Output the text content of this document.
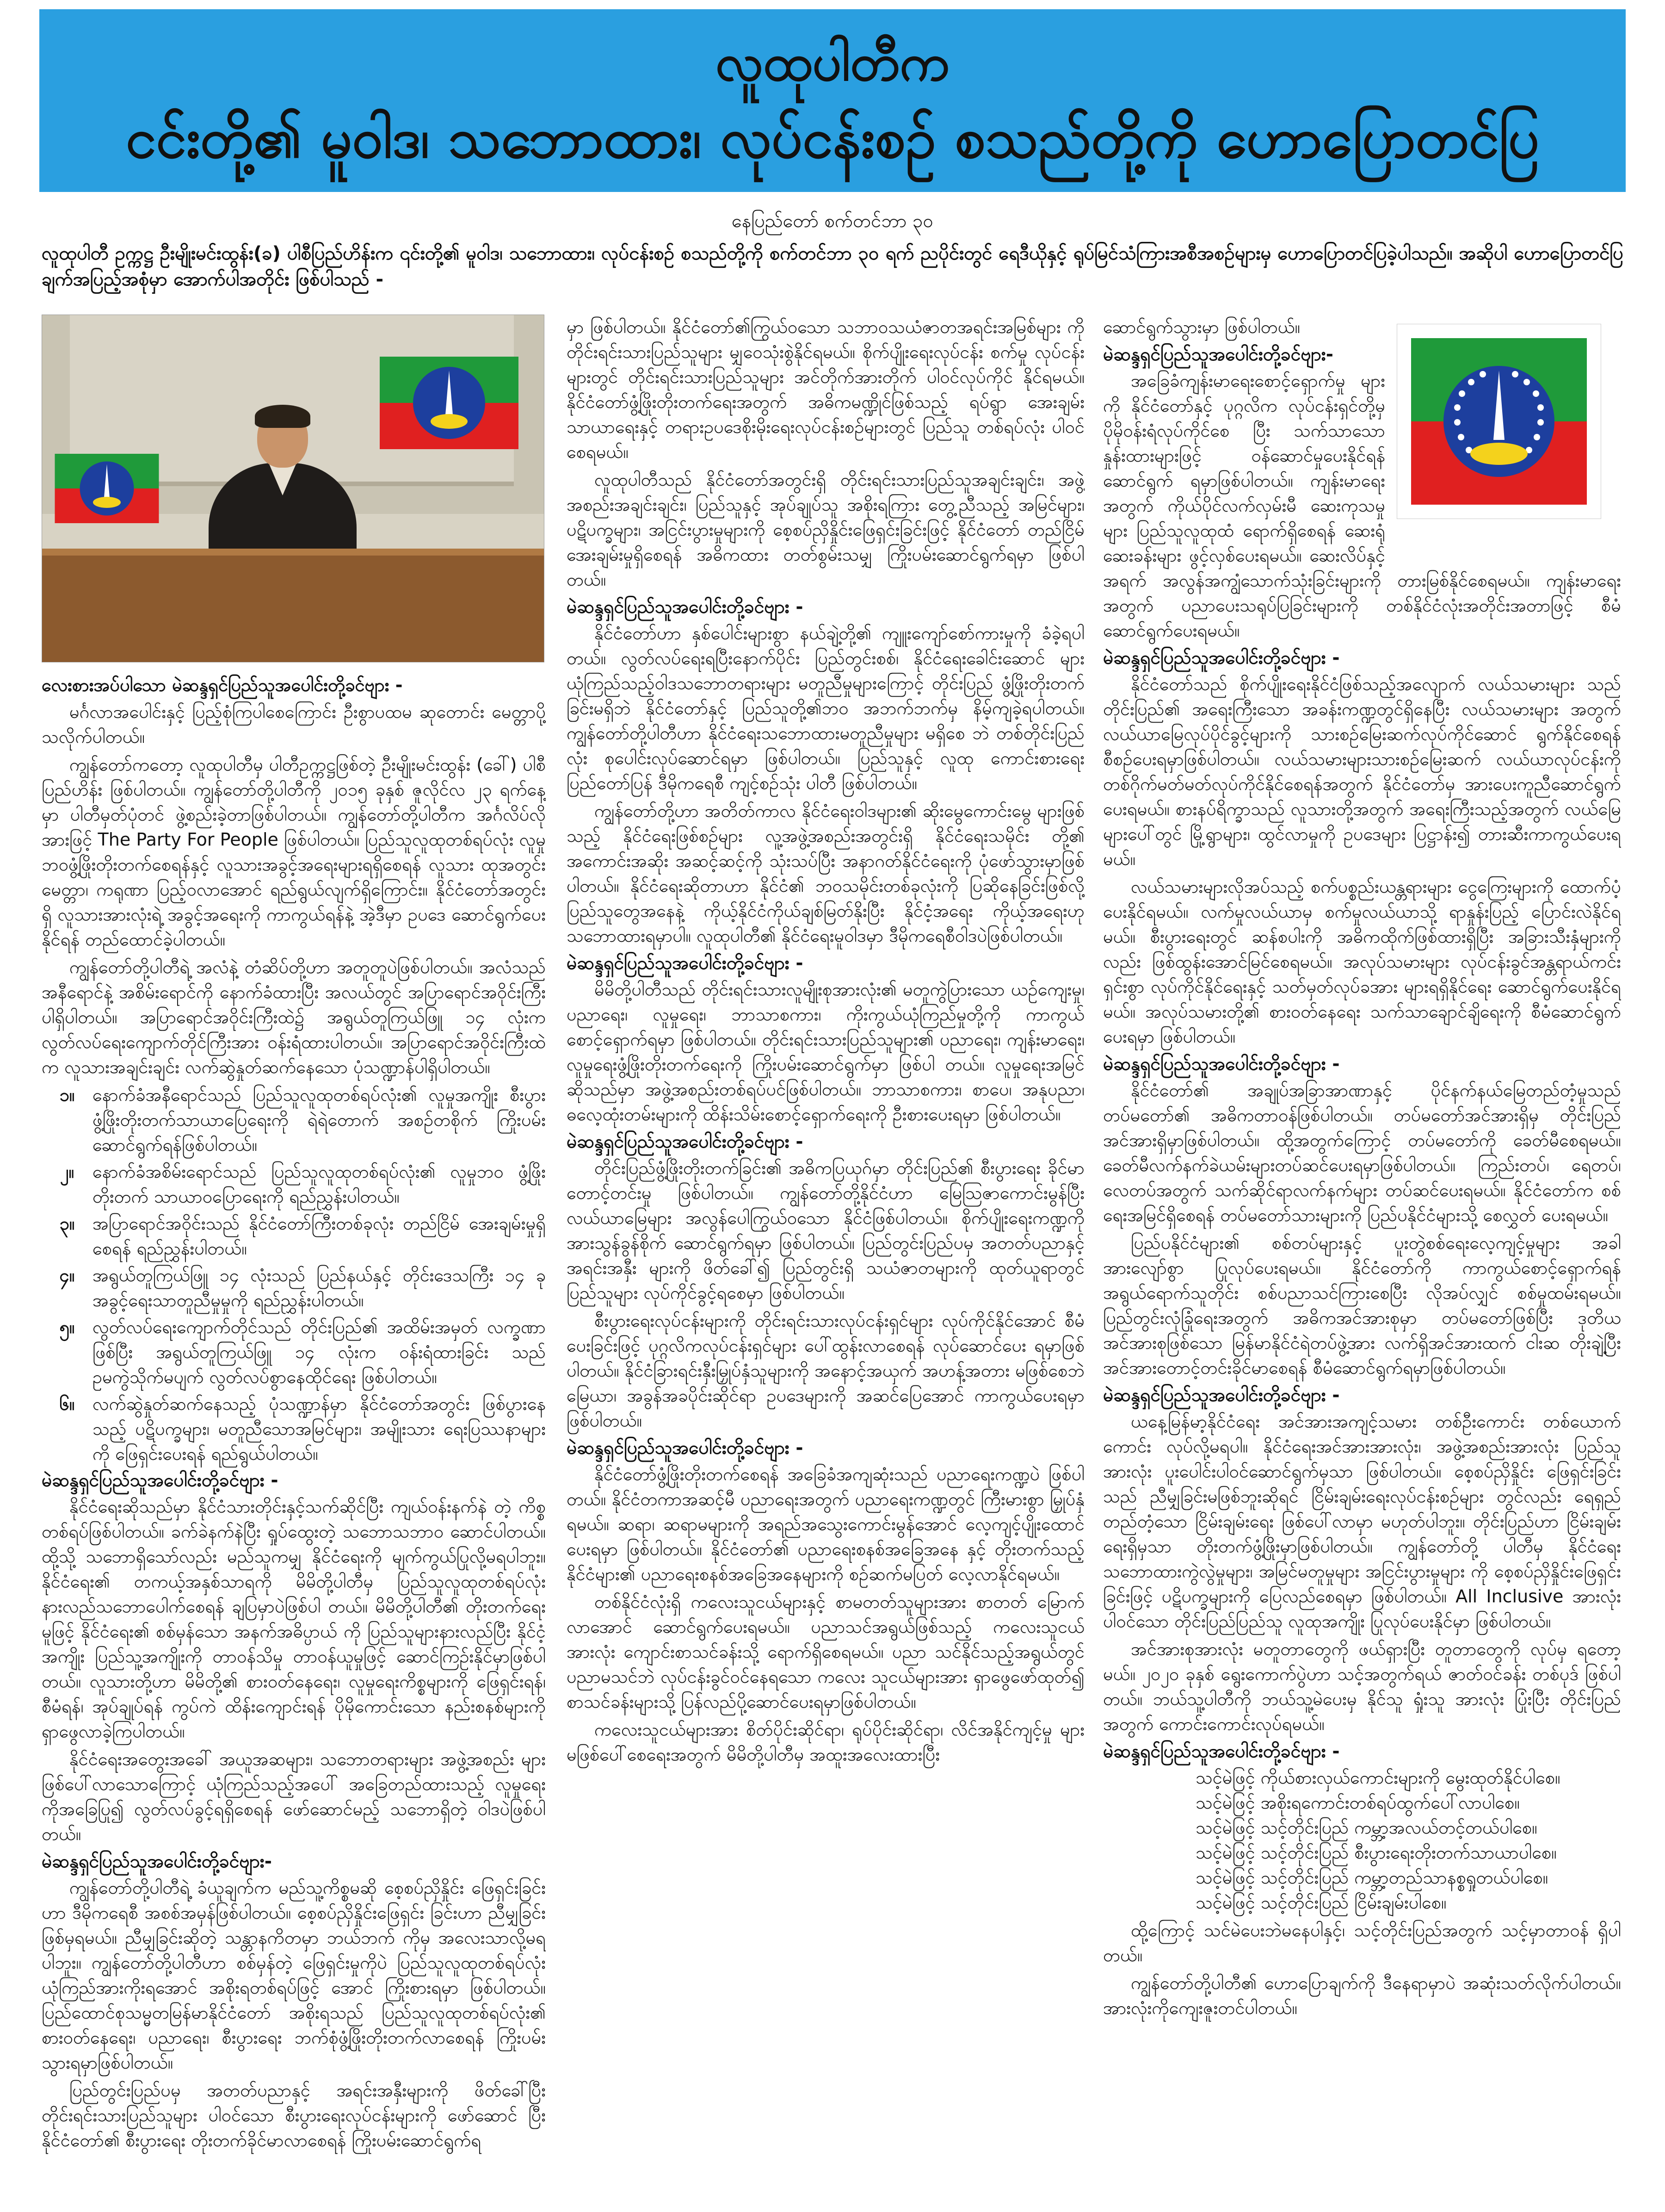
လူထုပါတီက
ငင်းတို့၏ မူဝါဒ၊ သဘောထား၊ လုပ်ငန်းစဉ် စသည်တို့ကို ဟောပြောတင်ပြ
နေပြည်တော် စက်တင်ဘာ ၃၀
လူထုပါတီ ဥက္ကဋ္ဌ ဦးမျိုးမင်းထွန်း(ခ) ပါစီပြည်ဟိန်းက ၎င်းတို့၏ မူဝါဒ၊ သဘောထား၊ လုပ်ငန်းစဉ် စသည်တို့ကို စက်တင်ဘာ ၃၀ ရက် ညပိုင်းတွင် ရေဒီယိုနှင့် ရုပ်မြင်သံကြားအစီအစဉ်များမှ ဟောပြောတင်ပြခဲ့ပါသည်။ အဆိုပါ ဟောပြောတင်ပြချက်အပြည့်အစုံမှာ အောက်ပါအတိုင်း ဖြစ်ပါသည် -
လေးစားအပ်ပါသော မဲဆန္ဒရှင်ပြည်သူအပေါင်းတို့ခင်ဗျား -

မင်္ဂလာအပေါင်းနှင့် ပြည့်စုံကြပါစေကြောင်း ဦးစွာပထမ ဆုတောင်း မေတ္တာပို့သလိုက်ပါတယ်။

ကျွန်တော်ကတော့ လူထုပါတီမှ ပါတီဥက္ကဋ္ဌဖြစ်တဲ့ ဦးမျိုးမင်းထွန်း (ခေါ်) ပါစီပြည်ဟိန်း ဖြစ်ပါတယ်။ ကျွန်တော်တို့ပါတီကို ၂၀၁၅ ခုနှစ် ဇူလိုင်လ ၂၃ ရက်နေ့မှာ ပါတီမှတ်ပုံတင် ဖွဲ့စည်းခဲ့တာဖြစ်ပါတယ်။ ကျွန်တော်တို့ပါတီက အင်္ဂလိပ်လို အားဖြင့် The Party For People ဖြစ်ပါတယ်။ ပြည်သူလူထုတစ်ရပ်လုံး လူမှုဘဝဖွံ့ဖြိုးတိုးတက်စေရန်နှင့် လူသားအခွင့်အရေးများရရှိစေရန် လူသား ထုအတွင်း မေတ္တာ၊ ကရုဏာ ပြည့်ဝလာအောင် ရည်ရွယ်လျက်ရှိကြောင်း။ နိုင်ငံတော်အတွင်းရှိ လူသားအားလုံးရဲ့ အခွင့်အရေးကို ကာကွယ်ရန်နဲ့ အဲ့ဒီမှာ ဥပဒေ ဆောင်ရွက်ပေးနိုင်ရန် တည်ထောင်ခဲ့ပါတယ်။

ကျွန်တော်တို့ပါတီရဲ့ အလံနဲ့ တံဆိပ်တို့ဟာ အတူတူပဲဖြစ်ပါတယ်။ အလံသည် အနီရောင်နဲ့ အစိမ်းရောင်ကို နောက်ခံထားပြီး အလယ်တွင် အပြာရောင်အဝိုင်းကြီးပါရှိပါတယ်။ အပြာရောင်အဝိုင်းကြီးထဲ၌ အရွယ်တူကြယ်ဖြူ ၁၄ လုံးက လွတ်လပ်ရေးကျောက်တိုင်ကြီးအား ဝန်းရံထားပါတယ်။ အပြာရောင်အဝိုင်းကြီးထဲက လူသားအချင်းချင်း လက်ဆွဲနှုတ်ဆက်နေသော ပုံသဏ္ဍာန်ပါရှိပါတယ်။

၁။	နောက်ခံအနီရောင်သည် ပြည်သူလူထုတစ်ရပ်လုံး၏ လူမှုအကျိုး စီးပွားဖွံ့ဖြိုးတိုးတက်သာယာပြေရေးကို ရဲရဲတောက် အစဉ်တစိုက် ကြိုးပမ်းဆောင်ရွက်ရန်ဖြစ်ပါတယ်။
၂။	နောက်ခံအစိမ်းရောင်သည် ပြည်သူလူထုတစ်ရပ်လုံး၏ လူမှုဘဝ ဖွံ့ဖြိုးတိုးတက် သာယာဝပြောရေးကို ရည်ညွှန်းပါတယ်။
၃။	အပြာရောင်အဝိုင်းသည် နိုင်ငံတော်ကြီးတစ်ခုလုံး တည်ငြိမ် အေးချမ်းမှုရှိစေရန် ရည်ညွှန်းပါတယ်။
၄။	အရွယ်တူကြယ်ဖြူ ၁၄ လုံးသည် ပြည်နယ်နှင့် တိုင်းဒေသကြီး ၁၄ ခု အခွင့်ရေးသာတူညီမှုမှုကို ရည်ညွှန်းပါတယ်။
၅။	လွတ်လပ်ရေးကျောက်တိုင်သည် တိုင်းပြည်၏ အထိမ်းအမှတ် လက္ခဏာဖြစ်ပြီး အရွယ်တူကြယ်ဖြူ ၁၄ လုံးက ဝန်းရံထားခြင်း သည် ဥမကွဲသိုက်မပျက် လွတ်လပ်စွာနေထိုင်ရေး ဖြစ်ပါတယ်။
၆။	လက်ဆွဲနှုတ်ဆက်နေသည့် ပုံသဏ္ဍာန်မှာ နိုင်ငံတော်အတွင်း ဖြစ်ပွားနေသည့် ပဋိပက္ခများ၊ မတူညီသောအမြင်များ၊ အမျိုးသား ရေးပြဿနာများကို ဖြေရှင်းပေးရန် ရည်ရွယ်ပါတယ်။
မဲဆန္ဒရှင်ပြည်သူအပေါင်းတို့ခင်ဗျား -

နိုင်ငံရေးဆိုသည်မှာ နိုင်ငံသားတိုင်းနှင့်သက်ဆိုင်ပြီး ကျယ်ဝန်းနက်နဲ တဲ့ ကိစ္စတစ်ရပ်ဖြစ်ပါတယ်။ ခက်ခဲနက်နဲပြီး ရှုပ်ထွေးတဲ့ သဘောသဘာဝ ဆောင်ပါတယ်။ ထို့သို့ သဘောရှိသော်လည်း မည်သူကမျှ နိုင်ငံရေးကို မျက်ကွယ်ပြုလို့မရပါဘူး။ နိုင်ငံရေး၏ တကယ့်အနှစ်သာရကို မိမိတို့ပါတီမှ ပြည်သူလူထုတစ်ရပ်လုံး နားလည်သဘောပေါက်စေရန် ချပြမှာပဲဖြစ်ပါ တယ်။ မိမိတို့ပါတီ၏ တိုးတက်ရေးမူဖြင့် နိုင်ငံရေး၏ စစ်မှန်သော အနက်အဓိပ္ပာယ် ကို ပြည်သူများနားလည်ပြီး နိုင်ငံ့အကျိုး ပြည်သူ့အကျိုးကို တာဝန်သိမှု တာဝန်ယူမှုဖြင့် ဆောင်ကြဉ်းနိုင်မှာဖြစ်ပါတယ်။ လူသားတို့ဟာ မိမိတို့၏ စားဝတ်နေရေး၊ လူမှုရေးကိစ္စများကို ဖြေရှင်းရန်၊ စီမံရန်၊ အုပ်ချုပ်ရန် ကွပ်ကဲ ထိန်းကျောင်းရန် ပိုမိုကောင်းသော နည်းစနစ်များကို ရှာဖွေလာခဲ့ကြပါတယ်။

နိုင်ငံရေးအတွေးအခေါ် အယူအဆများ၊ သဘောတရားများ အဖွဲ့အစည်း များ ဖြစ်ပေါ်လာသောကြောင့် ယုံကြည်သည့်အပေါ် အခြေတည်ထားသည့် လူမှုရေးကိုအခြေပြု၍ လွတ်လပ်ခွင့်ရရှိစေရန် ဖော်ဆောင်မည့် သဘောရှိတဲ့ ဝါဒပဲဖြစ်ပါတယ်။

မဲဆန္ဒရှင်ပြည်သူအပေါင်းတို့ခင်ဗျား-

ကျွန်တော်တို့ပါတီရဲ့ ခံယူချက်က မည်သူ့ကိစ္စမဆို စေ့စပ်ညှိနှိုင်း ဖြေရှင်းခြင်းဟာ ဒီမိုကရေစီ အစစ်အမှန်ဖြစ်ပါတယ်။ စေ့စပ်ညှိနှိုင်းဖြေရှင်း ခြင်းဟာ ညီမျှခြင်းဖြစ်မှရမယ်။ ညီမျှခြင်းဆိုတဲ့ သန္တာနကိတမှာ ဘယ်ဘက် ကိုမှ အလေးသာလို့မရပါဘူး။ ကျွန်တော်တို့ပါတီဟာ စစ်မှန်တဲ့ ဖြေရှင်းမှုကိုပဲ ပြည်သူလူထုတစ်ရပ်လုံး ယုံကြည်အားကိုးရအောင် အစိုးရတစ်ရပ်ဖြင့် အောင် ကြိုးစားရမှာ ဖြစ်ပါတယ်။ ပြည်ထောင်စုသမ္မတမြန်မာနိုင်ငံတော် အစိုးရသည် ပြည်သူလူထုတစ်ရပ်လုံး၏ စားဝတ်နေရေး၊ ပညာရေး၊ စီးပွားရေး ဘက်စုံဖွံ့ဖြိုးတိုးတက်လာစေရန် ကြိုးပမ်းသွားရမှာဖြစ်ပါတယ်။

ပြည်တွင်းပြည်ပမှ အတတ်ပညာနှင့် အရင်းအနှီးများကို ဖိတ်ခေါ်ပြီး တိုင်းရင်းသားပြည်သူများ ပါဝင်သော စီးပွားရေးလုပ်ငန်းများကို ဖော်ဆောင် ပြီး နိုင်ငံတော်၏ စီးပွားရေး တိုးတက်ခိုင်မာလာစေရန် ကြိုးပမ်းဆောင်ရွက်ရ

မှာ ဖြစ်ပါတယ်။ နိုင်ငံတော်၏ကြွယ်ဝသော သဘာဝသယံဇာတအရင်းအမြစ်များ ကို တိုင်းရင်းသားပြည်သူများ မျှဝေသုံးစွဲနိုင်ရမယ်။ စိုက်ပျိုးရေးလုပ်ငန်း စက်မှု လုပ်ငန်းများတွင် တိုင်းရင်းသားပြည်သူများ အင်တိုက်အားတိုက် ပါဝင်လုပ်ကိုင် နိုင်ရမယ်။ နိုင်ငံတော်ဖွံ့ဖြိုးတိုးတက်ရေးအတွက် အဓိကမဏ္ဍိုင်ဖြစ်သည့် ရပ်ရွာ အေးချမ်းသာယာရေးနှင့် တရားဥပဒေစိုးမိုးရေးလုပ်ငန်းစဉ်များတွင် ပြည်သူ တစ်ရပ်လုံး ပါဝင်စေရမယ်။

လူထုပါတီသည် နိုင်ငံတော်အတွင်းရှိ တိုင်းရင်းသားပြည်သူအချင်းချင်း၊ အဖွဲ့အစည်းအချင်းချင်း၊ ပြည်သူနှင့် အုပ်ချုပ်သူ အစိုးရကြား တွေ့ညီသည့် အမြင်များ၊ ပဋိပက္ခများ၊ အငြင်းပွားမှုများကို စေ့စပ်ညှိနှိုင်းဖြေရှင်းခြင်းဖြင့် နိုင်ငံတော် တည်ငြိမ်အေးချမ်းမှုရှိစေရန် အဓိကထား တတ်စွမ်းသမျှ ကြိုးပမ်းဆောင်ရွက်ရမှာ ဖြစ်ပါတယ်။

မဲဆန္ဒရှင်ပြည်သူအပေါင်းတို့ခင်ဗျား -

နိုင်ငံတော်ဟာ နှစ်ပေါင်းများစွာ နယ်ချဲ့တို့၏ ကျူးကျော်စော်ကားမှုကို ခံခဲ့ရပါတယ်။ လွတ်လပ်ရေးရပြီးနောက်ပိုင်း ပြည်တွင်းစစ်၊ နိုင်ငံရေးခေါင်းဆောင် များ ယုံကြည်သည့်ဝါဒသဘောတရားများ မတူညီမှုများကြောင့် တိုင်းပြည် ဖွံ့ဖြိုးတိုးတက်ခြင်းမရှိဘဲ နိုင်ငံတော်နှင့် ပြည်သူတို့၏ဘဝ အဘက်ဘက်မှ နိမ့်ကျခဲ့ရပါတယ်။ ကျွန်တော်တို့ပါတီဟာ နိုင်ငံရေးသဘောထားမတူညီမှုများ မရှိစေ ဘဲ တစ်တိုင်းပြည်လုံး စုပေါင်းလုပ်ဆောင်ရမှာ ဖြစ်ပါတယ်။ ပြည်သူနှင့် လူထု ကောင်းစားရေး ပြည်တော်ပြန် ဒီမိုကရေစီ ကျင့်စဉ်သုံး ပါတီ ဖြစ်ပါတယ်။

ကျွန်တော်တို့ဟာ အတိတ်ကာလ နိုင်ငံရေးဝါဒများ၏ ဆိုးမွေကောင်းမွေ များဖြစ်သည့် နိုင်ငံရေးဖြစ်စဉ်များ လူ့အဖွဲ့အစည်းအတွင်းရှိ နိုင်ငံရေးသမိုင်း တို့၏ အကောင်းအဆိုး အဆင့်ဆင့်ကို သုံးသပ်ပြီး အနာဂတ်နိုင်ငံရေးကို ပုံဖော်သွားမှာဖြစ်ပါတယ်။ နိုင်ငံရေးဆိုတာဟာ နိုင်ငံ၏ ဘဝသမိုင်းတစ်ခုလုံးကို ပြဆိုနေခြင်းဖြစ်လို့ ပြည်သူတွေအနေနဲ့ ကိုယ့်နိုင်ငံကိုယ်ချစ်မြတ်နိုးပြီး နိုင်ငံ့အရေး ကိုယ့်အရေးဟု သဘောထားရမှာပါ။ လူထုပါတီ၏ နိုင်ငံရေးမူဝါဒမှာ ဒီမိုကရေစီဝါဒပဲဖြစ်ပါတယ်။

မဲဆန္ဒရှင်ပြည်သူအပေါင်းတို့ခင်ဗျား -

မိမိတို့ပါတီသည် တိုင်းရင်းသားလူမျိုးစုအားလုံး၏ မတူကွဲပြားသော ယဉ်ကျေးမှု၊ ပညာရေး၊ လူမှုရေး၊ ဘာသာစကား၊ ကိုးကွယ်ယုံကြည်မှုတို့ကို ကာကွယ်စောင့်ရှောက်ရမှာ ဖြစ်ပါတယ်။ တိုင်းရင်းသားပြည်သူများ၏ ပညာရေး၊ ကျန်းမာရေး၊ လူမှုရေးဖွံ့ဖြိုးတိုးတက်ရေးကို ကြိုးပမ်းဆောင်ရွက်မှာ ဖြစ်ပါ တယ်။ လူမှုရေးအမြင်ဆိုသည်မှာ အဖွဲ့အစည်းတစ်ရပ်ပင်ဖြစ်ပါတယ်။ ဘာသာစကား၊ စာပေ၊ အနုပညာ၊ ဓလေ့ထုံးတမ်းများကို ထိန်းသိမ်းစောင့်ရှောက်ရေးကို ဦးစားပေးရမှာ ဖြစ်ပါတယ်။

မဲဆန္ဒရှင်ပြည်သူအပေါင်းတို့ခင်ဗျား -

တိုင်းပြည်ဖွံ့ဖြိုးတိုးတက်ခြင်း၏ အဓိကပြယုဂ်မှာ တိုင်းပြည်၏ စီးပွားရေး ခိုင်မာတောင့်တင်းမှု ဖြစ်ပါတယ်။ ကျွန်တော်တို့နိုင်ငံဟာ မြေသြဇာကောင်းမွန်ပြီး လယ်ယာမြေများ အလွန်ပေါကြွယ်ဝသော နိုင်ငံဖြစ်ပါတယ်။ စိုက်ပျိုးရေးကဏ္ဍကို အားသွန်ခွန်စိုက် ဆောင်ရွက်ရမှာ ဖြစ်ပါတယ်။ ပြည်တွင်းပြည်ပမှ အတတ်ပညာနှင့် အရင်းအနှီး များကို ဖိတ်ခေါ်၍ ပြည်တွင်းရှိ သယံဇာတများကို ထုတ်ယူရာတွင် ပြည်သူများ လုပ်ကိုင်ခွင့်ရစေမှာ ဖြစ်ပါတယ်။

စီးပွားရေးလုပ်ငန်းများကို တိုင်းရင်းသားလုပ်ငန်းရှင်များ လုပ်ကိုင်နိုင်အောင် စီမံပေးခြင်းဖြင့် ပုဂ္ဂလိကလုပ်ငန်းရှင်များ ပေါ်ထွန်းလာစေရန် လုပ်ဆောင်ပေး ရမှာဖြစ်ပါတယ်။ နိုင်ငံခြားရင်းနှီးမြှုပ်နှံသူများကို အနောင့်အယှက် အဟန့်အတား မဖြစ်စေဘဲ မြေယာ၊ အခွန်အခပိုင်းဆိုင်ရာ ဥပဒေများကို အဆင်ပြေအောင် ကာကွယ်ပေးရမှာဖြစ်ပါတယ်။

မဲဆန္ဒရှင်ပြည်သူအပေါင်းတို့ခင်ဗျား -

နိုင်ငံတော်ဖွံ့ဖြိုးတိုးတက်စေရန် အခြေခံအကျဆုံးသည် ပညာရေးကဏ္ဍပဲ ဖြစ်ပါတယ်။ နိုင်ငံတကာအဆင့်မီ ပညာရေးအတွက် ပညာရေးကဏ္ဍတွင် ကြီးမားစွာ မြှုပ်နှံရမယ်။ ဆရာ၊ ဆရာမများကို အရည်အသွေးကောင်းမွန်အောင် လေ့ကျင့်ပျိုးထောင်ပေးရမှာ ဖြစ်ပါတယ်။ နိုင်ငံတော်၏ ပညာရေးစနစ်အခြေအနေ နှင့် တိုးတက်သည့် နိုင်ငံများ၏ ပညာရေးစနစ်အခြေအနေများကို စဉ်ဆက်မပြတ် လေ့လာနိုင်ရမယ်။

တစ်နိုင်ငံလုံးရှိ ကလေးသူငယ်များနှင့် စာမတတ်သူများအား စာတတ် မြောက်လာအောင် ဆောင်ရွက်ပေးရမယ်။ ပညာသင်အရွယ်ဖြစ်သည့် ကလေးသူငယ်အားလုံး ကျောင်းစာသင်ခန်းသို့ ရောက်ရှိစေရမယ်။ ပညာ သင်နိုင်သည့်အရွယ်တွင် ပညာမသင်ဘဲ လုပ်ငန်းခွင်ဝင်နေရသော ကလေး သူငယ်များအား ရှာဖွေဖော်ထုတ်၍ စာသင်ခန်းများသို့ ပြန်လည်ပို့ဆောင်ပေးရမှာဖြစ်ပါတယ်။

ကလေးသူငယ်များအား စိတ်ပိုင်းဆိုင်ရာ၊ ရုပ်ပိုင်းဆိုင်ရာ၊ လိင်အနိုင်ကျင့်မှု များ မဖြစ်ပေါ်စေရေးအတွက် မိမိတို့ပါတီမှ အထူးအလေးထားပြီး

ဆောင်ရွက်သွားမှာ ဖြစ်ပါတယ်။

မဲဆန္ဒရှင်ပြည်သူအပေါင်းတို့ခင်ဗျား-

အခြေခံကျန်းမာရေးစောင့်ရှောက်မှု များကို နိုင်ငံတော်နှင့် ပုဂ္ဂလိက လုပ်ငန်းရှင်တို့မှ ပိုမိုဝန်းရံလုပ်ကိုင်စေ ပြီး သက်သာသောနှုန်းထားများဖြင့် ဝန်ဆောင်မှုပေးနိုင်ရန် ဆောင်ရွက် ရမှာဖြစ်ပါတယ်။ ကျန်းမာရေးအတွက် ကိုယ်ပိုင်လက်လှမ်းမီ ဆေးကုသမှုများ ပြည်သူလူထုထံ ရောက်ရှိစေရန် ဆေးရုံဆေးခန်းများ ဖွင့်လှစ်ပေးရမယ်။ ဆေးလိပ်နှင့်အရက် အလွန်အကျွံသောက်သုံးခြင်းများကို တားမြစ်နိုင်စေရမယ်။ ကျန်းမာရေး အတွက် ပညာပေးသရုပ်ပြခြင်းများကို တစ်နိုင်ငံလုံးအတိုင်းအတာဖြင့် စီမံဆောင်ရွက်ပေးရမယ်။

မဲဆန္ဒရှင်ပြည်သူအပေါင်းတို့ခင်ဗျား -

နိုင်ငံတော်သည် စိုက်ပျိုးရေးနိုင်ငံဖြစ်သည့်အလျောက် လယ်သမားများ သည် တိုင်းပြည်၏ အရေးကြီးသော အခန်းကဏ္ဍတွင်ရှိနေပြီး လယ်သမားများ အတွက် လယ်ယာမြေလုပ်ပိုင်ခွင့်များကို သားစဉ်မြေးဆက်လုပ်ကိုင်ဆောင် ရွက်နိုင်စေရန် စီစဉ်ပေးရမှာဖြစ်ပါတယ်။ လယ်သမားများသားစဉ်မြေးဆက် လယ်ယာလုပ်ငန်းကို တစ်ဂိုက်မတ်မတ်လုပ်ကိုင်နိုင်စေရန်အတွက် နိုင်ငံတော်မှ အားပေးကူညီဆောင်ရွက်ပေးရမယ်။ စားနပ်ရိက္ခာသည် လူသားတို့အတွက် အရေးကြီးသည့်အတွက် လယ်မြေများပေါ်တွင် မြို့ရွာများ၊ ထွင်လာမှုကို ဥပဒေများ ပြဋ္ဌာန်း၍ တားဆီးကာကွယ်ပေးရမယ်။

လယ်သမားများလိုအပ်သည့် စက်ပစ္စည်းယန္တရားများ ငွေကြေးများကို ထောက်ပံ့ပေးနိုင်ရမယ်။ လက်မှုလယ်ယာမှ စက်မှုလယ်ယာသို့ ရာနှုန်းပြည့် ပြောင်းလဲနိုင်ရမယ်။ စီးပွားရေးတွင် ဆန်စပါးကို အဓိကထိုက်ဖြစ်ထားရှိပြီး အခြားသီးနှံများကိုလည်း ဖြစ်ထွန်းအောင်မြင်စေရမယ်။ အလုပ်သမားများ လုပ်ငန်းခွင်အန္တရာယ်ကင်းရှင်းစွာ လုပ်ကိုင်နိုင်ရေးနှင့် သတ်မှတ်လုပ်ခအား များရရှိနိုင်ရေး ဆောင်ရွက်ပေးနိုင်ရမယ်။ အလုပ်သမားတို့၏ စားဝတ်နေရေး သက်သာချောင်ချိရေးကို စီမံဆောင်ရွက်ပေးရမှာ ဖြစ်ပါတယ်။

မဲဆန္ဒရှင်ပြည်သူအပေါင်းတို့ခင်ဗျား -

နိုင်ငံတော်၏ အချုပ်အခြာအာဏာနှင့် ပိုင်နက်နယ်မြေတည်တံ့မှုသည် တပ်မတော်၏ အဓိကတာဝန်ဖြစ်ပါတယ်။ တပ်မတော်အင်အားရှိမှ တိုင်းပြည် အင်အားရှိမှာဖြစ်ပါတယ်။ ထို့အတွက်ကြောင့် တပ်မတော်ကို ခေတ်မီစေရမယ်။ ခေတ်မီလက်နက်ခဲယမ်းများတပ်ဆင်ပေးရမှာဖြစ်ပါတယ်။ ကြည်းတပ်၊ ရေတပ်၊ လေတပ်အတွက် သက်ဆိုင်ရာလက်နက်များ တပ်ဆင်ပေးရမယ်။ နိုင်ငံတော်က စစ်ရေးအမြင်ရှိစေရန် တပ်မတော်သားများကို ပြည်ပနိုင်ငံများသို့ စေလွှတ် ပေးရမယ်။

ပြည်ပနိုင်ငံများ၏ စစ်တပ်များနှင့် ပူးတွဲစစ်ရေးလေ့ကျင့်မှုများ အခါ အားလျော်စွာ ပြုလုပ်ပေးရမယ်။ နိုင်ငံတော်ကို ကာကွယ်စောင့်ရှောက်ရန် အရွယ်ရောက်သူတိုင်း စစ်ပညာသင်ကြားစေပြီး လိုအပ်လျှင် စစ်မှုထမ်းရမယ်။ ပြည်တွင်းလုံခြုံရေးအတွက် အဓိကအင်အားစုမှာ တပ်မတော်ဖြစ်ပြီး ဒုတိယ အင်အားစုဖြစ်သော မြန်မာနိုင်ငံရဲတပ်ဖွဲ့အား လက်ရှိအင်အားထက် ငါးဆ တိုးချဲ့ပြီး အင်အားတောင့်တင်းခိုင်မာစေရန် စီမံဆောင်ရွက်ရမှာဖြစ်ပါတယ်။

မဲဆန္ဒရှင်ပြည်သူအပေါင်းတို့ခင်ဗျား -

ယနေ့မြန်မာ့နိုင်ငံရေး အင်အားအကျင့်သမား တစ်ဦးကောင်း တစ်ယောက် ကောင်း လုပ်လို့မရပါ။ နိုင်ငံရေးအင်အားအားလုံး၊ အဖွဲ့အစည်းအားလုံး ပြည်သူအားလုံး ပူးပေါင်းပါဝင်ဆောင်ရွက်မှသာ ဖြစ်ပါတယ်။ စေ့စပ်ညှိနှိုင်း ဖြေရှင်းခြင်းသည် ညီမျှခြင်းမဖြစ်ဘူးဆိုရင် ငြိမ်းချမ်းရေးလုပ်ငန်းစဉ်များ တွင်လည်း ရေရှည်တည်တံ့သော ငြိမ်းချမ်းရေး ဖြစ်ပေါ်လာမှာ မဟုတ်ပါဘူး။ တိုင်းပြည်ဟာ ငြိမ်းချမ်းရေးရှိမှသာ တိုးတက်ဖွံ့ဖြိုးမှာဖြစ်ပါတယ်။ ကျွန်တော်တို့ ပါတီမှ နိုင်ငံရေးသဘောထားကွဲလွဲမှုများ၊ အမြင်မတူမှုများ အငြင်းပွားမှုများ ကို စေ့စပ်ညှိနှိုင်းဖြေရှင်းခြင်းဖြင့် ပဋိပက္ခများကို ပြေလည်စေရမှာ ဖြစ်ပါတယ်။ All Inclusive အားလုံးပါဝင်သော တိုင်းပြည်ပြည်သူ လူထုအကျိုး ပြုလုပ်ပေးနိုင်မှာ ဖြစ်ပါတယ်။

အင်အားစုအားလုံး မတူတာတွေကို ဖယ်ရှားပြီး တူတာတွေကို လုပ်မှ ရတော့မယ်။ ၂၀၂၀ ခုနှစ် ရွေးကောက်ပွဲဟာ သင့်အတွက်ရယ် ဇာတ်ဝင်ခန်း တစ်ပုဒ် ဖြစ်ပါတယ်။ ဘယ်သူ့ပါတီကို ဘယ်သူ့မဲပေးမှ နိုင်သူ ရှုံးသူ အားလုံး ပြုံးပြီး တိုင်းပြည်အတွက် ကောင်းကောင်းလုပ်ရမယ်။

မဲဆန္ဒရှင်ပြည်သူအပေါင်းတို့ခင်ဗျား -
သင့်မဲဖြင့် ကိုယ်စားလှယ်ကောင်းများကို မွေးထုတ်နိုင်ပါစေ။
သင့်မဲဖြင့် အစိုးရကောင်းတစ်ရပ်ထွက်ပေါ်လာပါစေ။
သင့်မဲဖြင့် သင့်တိုင်းပြည် ကမ္ဘာ့အလယ်တင့်တယ်ပါစေ။
သင့်မဲဖြင့် သင့်တိုင်းပြည် စီးပွားရေးတိုးတက်သာယာပါစေ။
သင့်မဲဖြင့် သင့်တိုင်းပြည် ကမ္ဘာ့တည်သာနစ္စရှုတယ်ပါစေ။
သင့်မဲဖြင့် သင့်တိုင်းပြည် ငြိမ်းချမ်းပါစေ။

ထို့ကြောင့် သင်မဲပေးဘဲမနေပါနှင့်၊ သင့်တိုင်းပြည်အတွက် သင့်မှာတာဝန် ရှိပါတယ်။

ကျွန်တော်တို့ပါတီ၏ ဟောပြောချက်ကို ဒီနေရာမှာပဲ အဆုံးသတ်လိုက်ပါတယ်။ အားလုံးကိုကျေးဇူးတင်ပါတယ်။
